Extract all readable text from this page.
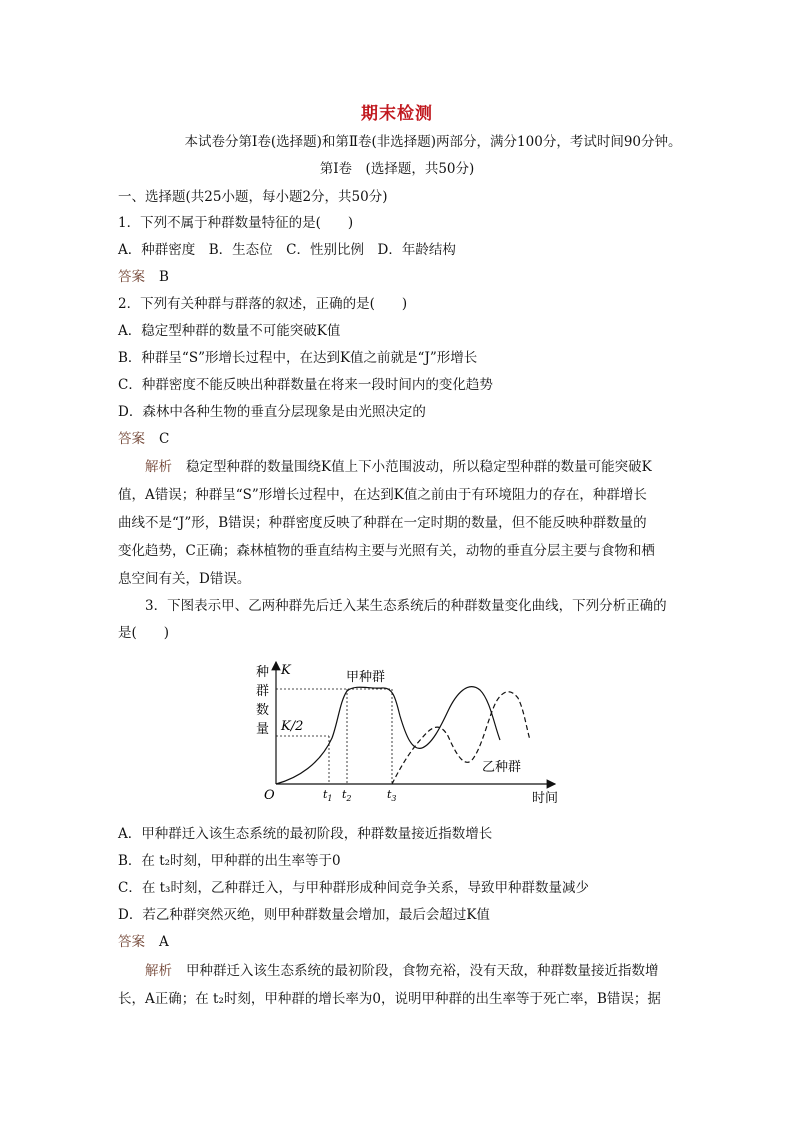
期末检测
本试卷分第Ⅰ卷(选择题)和第Ⅱ卷(非选择题)两部分，满分100分，考试时间90分钟。
第Ⅰ卷　(选择题，共50分)
一、选择题(共25小题，每小题2分，共50分)
1．下列不属于种群数量特征的是(　　)
A．种群密度　B．生态位　C．性别比例　D．年龄结构
答案 B
2．下列有关种群与群落的叙述，正确的是(　　)
A．稳定型种群的数量不可能突破K值
B．种群呈“S”形增长过程中，在达到K值之前就是“J”形增长
C．种群密度不能反映出种群数量在将来一段时间内的变化趋势
D．森林中各种生物的垂直分层现象是由光照决定的
答案 C
解析 稳定型种群的数量围绕K值上下小范围波动，所以稳定型种群的数量可能突破K
值，A错误；种群呈“S”形增长过程中，在达到K值之前由于有环境阻力的存在，种群增长
曲线不是“J”形，B错误；种群密度反映了种群在一定时期的数量，但不能反映种群数量的
变化趋势，C正确；森林植物的垂直结构主要与光照有关，动物的垂直分层主要与食物和栖
息空间有关，D错误。
3．下图表示甲、乙两种群先后迁入某生态系统后的种群数量变化曲线，下列分析正确的
是(　　)
种
群
数
量
K
K/2
O
甲种群
乙种群
$t_1$ $t_2$	$t_3$	时间
A．甲种群迁入该生态系统的最初阶段，种群数量接近指数增长
B．在 t₂时刻，甲种群的出生率等于0
C．在 t₃时刻，乙种群迁入，与甲种群形成种间竞争关系，导致甲种群数量减少
D．若乙种群突然灭绝，则甲种群数量会增加，最后会超过K值
答案 A
解析 甲种群迁入该生态系统的最初阶段，食物充裕，没有天敌，种群数量接近指数增
长，A正确；在 t₂时刻，甲种群的增长率为0，说明甲种群的出生率等于死亡率，B错误；据
